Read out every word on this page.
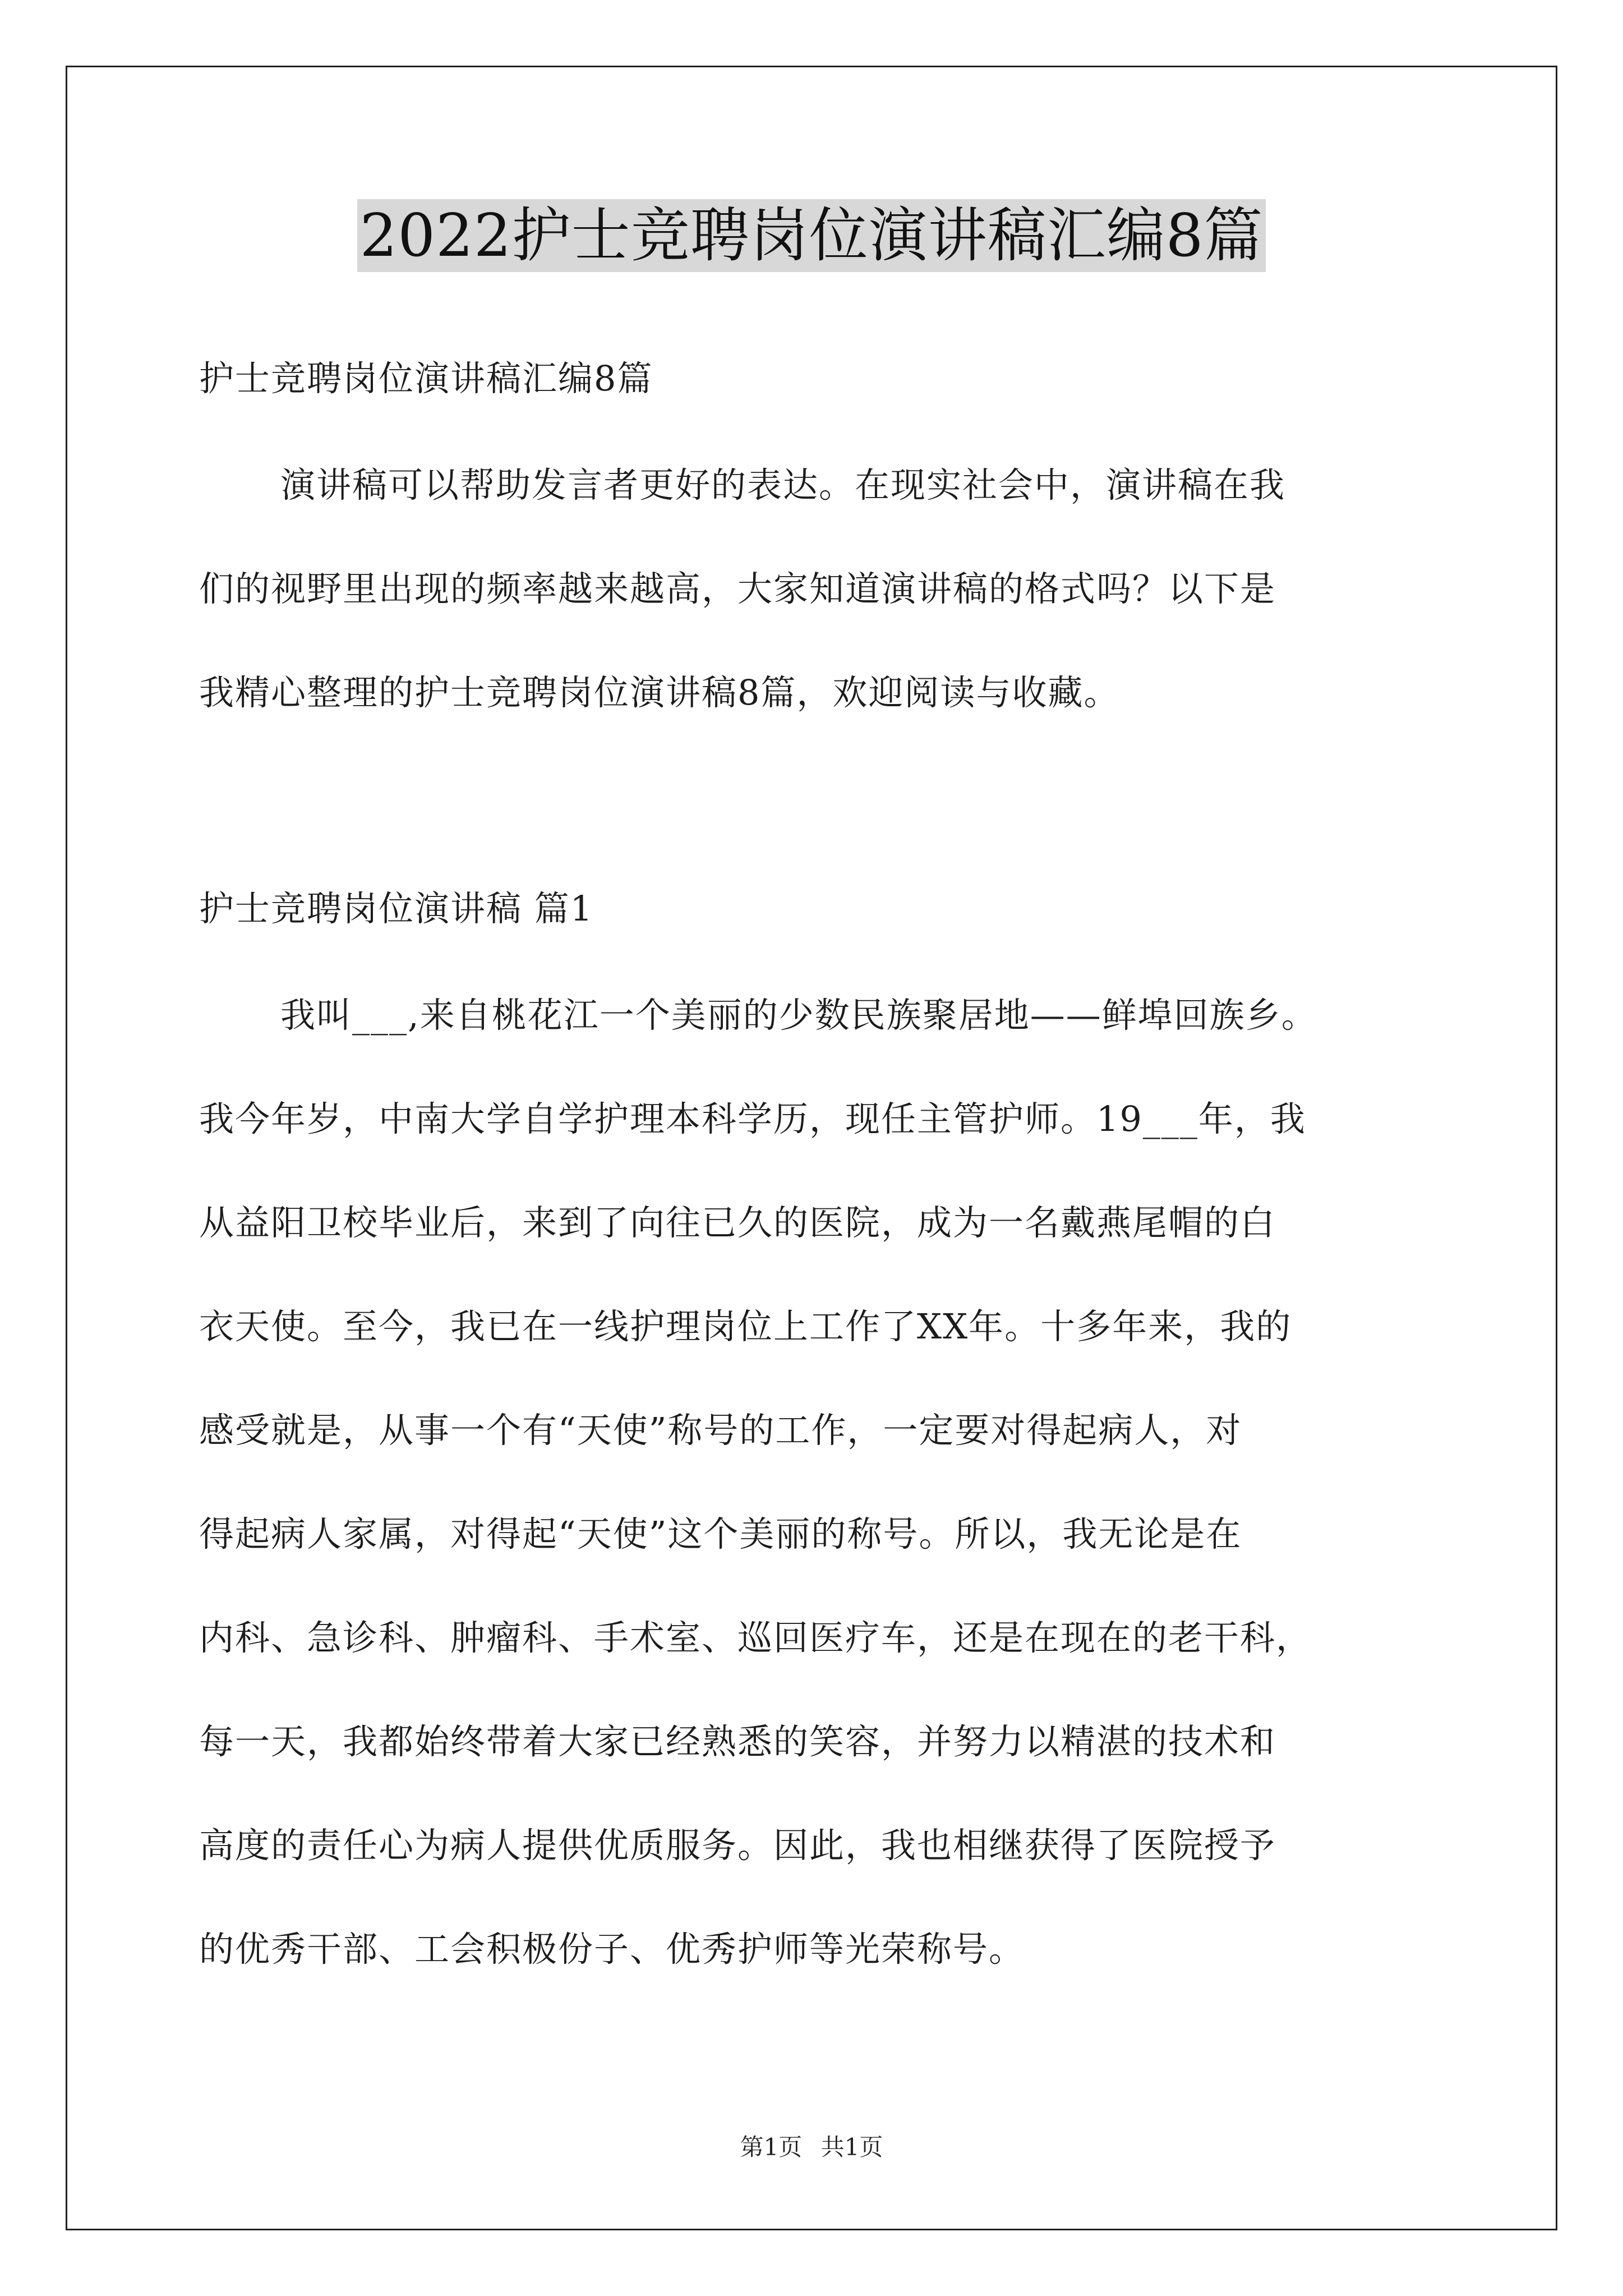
2022护士竞聘岗位演讲稿汇编8篇
护士竞聘岗位演讲稿汇编8篇
演讲稿可以帮助发言者更好的表达。在现实社会中，演讲稿在我
们的视野里出现的频率越来越高，大家知道演讲稿的格式吗？以下是
我精心整理的护士竞聘岗位演讲稿8篇，欢迎阅读与收藏。
护士竞聘岗位演讲稿 篇1
我叫___,来自桃花江一个美丽的少数民族聚居地——鲜埠回族乡。
我今年岁，中南大学自学护理本科学历，现任主管护师。19___年，我
从益阳卫校毕业后，来到了向往已久的医院，成为一名戴燕尾帽的白
衣天使。至今，我已在一线护理岗位上工作了XX年。十多年来，我的
感受就是，从事一个有“天使”称号的工作，一定要对得起病人，对
得起病人家属，对得起“天使”这个美丽的称号。所以，我无论是在
内科、急诊科、肿瘤科、手术室、巡回医疗车，还是在现在的老干科，
每一天，我都始终带着大家已经熟悉的笑容，并努力以精湛的技术和
高度的责任心为病人提供优质服务。因此，我也相继获得了医院授予
的优秀干部、工会积极份子、优秀护师等光荣称号。
第1页 共1页
